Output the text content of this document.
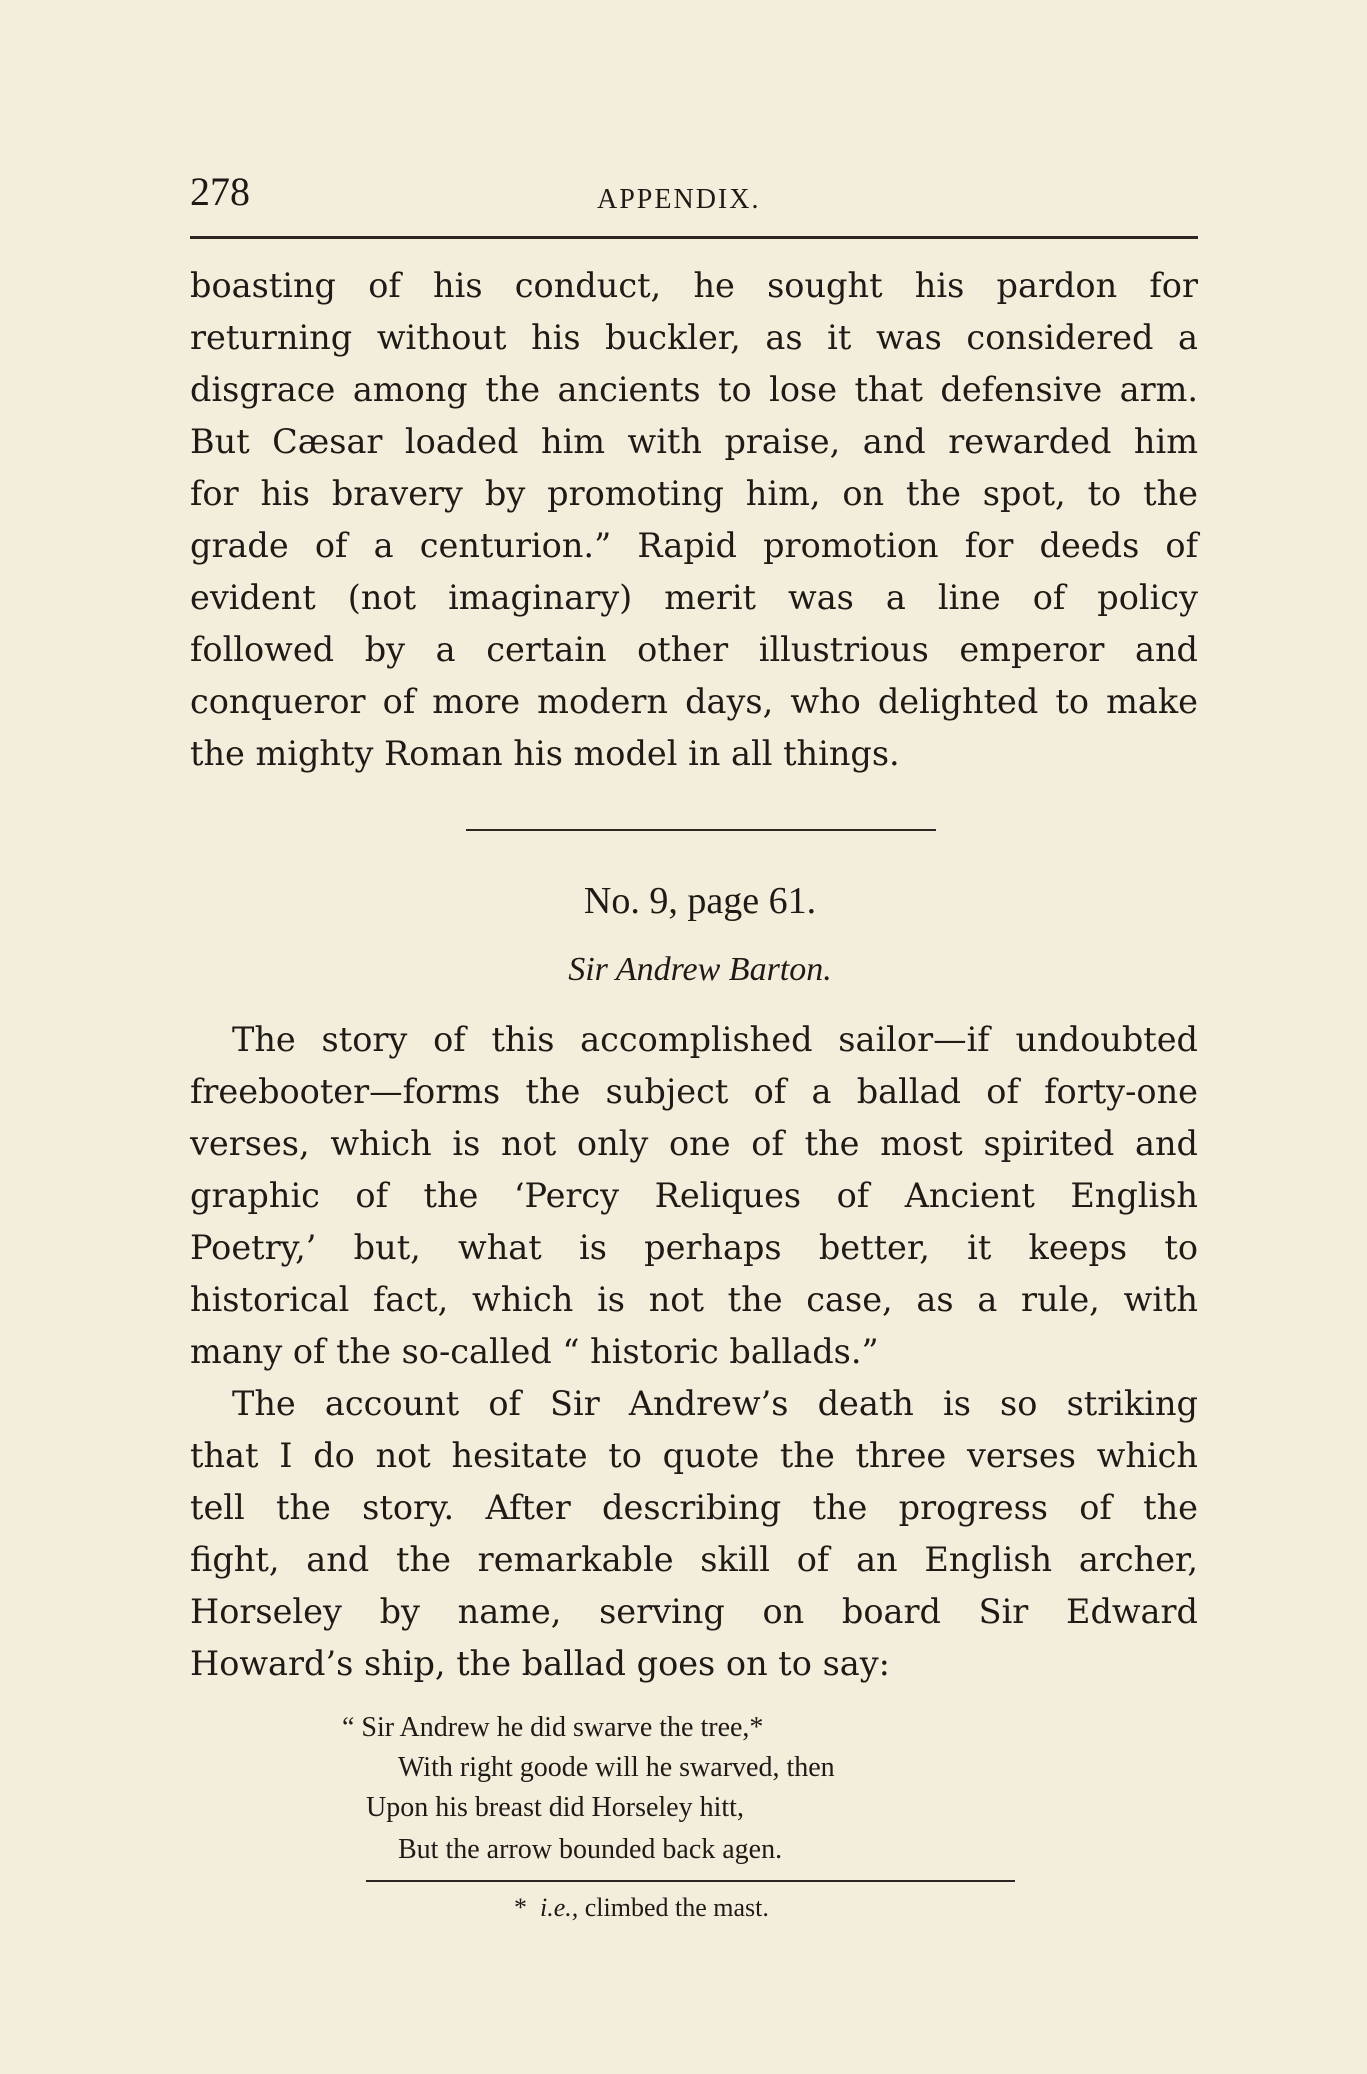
278	APPENDIX.

boasting of his conduct, he sought his pardon for

returning without his buckler, as it was considered a

disgrace among the ancients to lose that defensive arm.

But Cæsar loaded him with praise, and rewarded him

for his bravery by promoting him, on the spot, to the

grade of a centurion.” Rapid promotion for deeds of

evident (not imaginary) merit was a line of policy

followed by a certain other illustrious emperor and

conqueror of more modern days, who delighted to make

the mighty Roman his model in all things.

No. 9, page 61.

Sir Andrew Barton.

The story of this accomplished sailor—if undoubted

freebooter—forms the subject of a ballad of forty-one

verses, which is not only one of the most spirited and

graphic of the ‘Percy Reliques of Ancient English

Poetry,’ but, what is perhaps better, it keeps to

historical fact, which is not the case, as a rule, with

many of the so-called “ historic ballads.”

The account of Sir Andrew’s death is so striking

that I do not hesitate to quote the three verses which

tell the story. After describing the progress of the

fight, and the remarkable skill of an English archer,

Horseley by name, serving on board Sir Edward

Howard’s ship, the ballad goes on to say:

“ Sir Andrew he did swarve the tree,*

With right goode will he swarved, then

Upon his breast did Horseley hitt,

But the arrow bounded back agen.

* i.e., climbed the mast.
